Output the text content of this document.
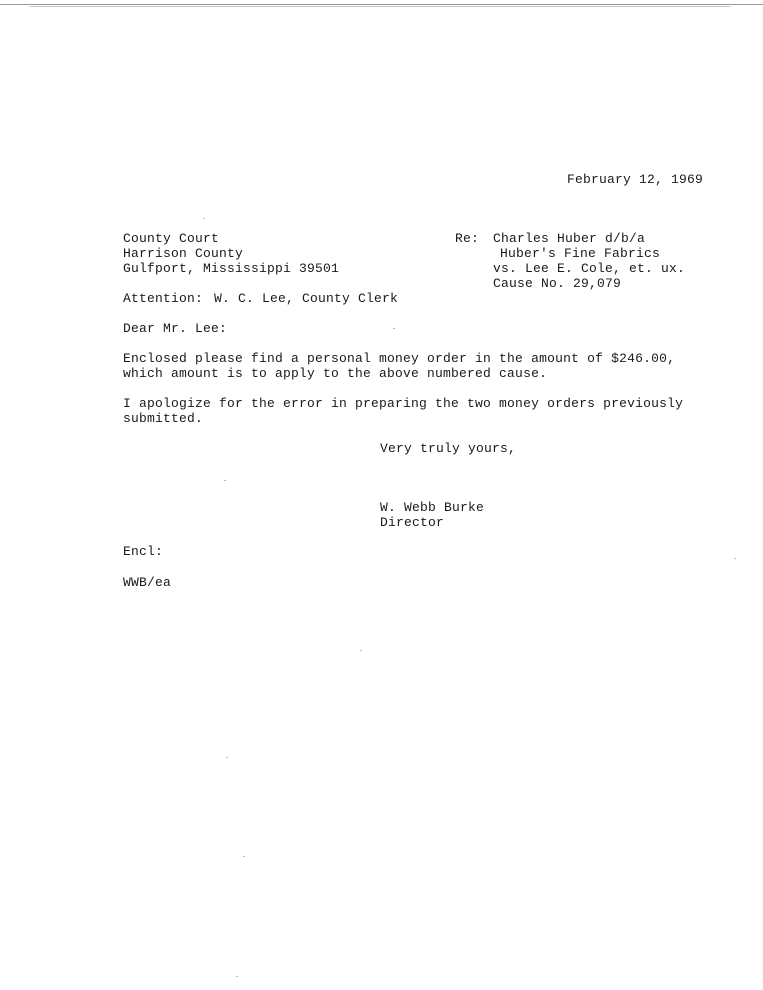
February 12, 1969
County Court
Harrison County
Gulfport, Mississippi 39501
Re: Charles Huber d/b/a
Huber's Fine Fabrics
vs. Lee E. Cole, et. ux.
Cause No. 29,079
Attention: W. C. Lee, County Clerk
Dear Mr. Lee:
Enclosed please find a personal money order in the amount of $246.00,
which amount is to apply to the above numbered cause.
I apologize for the error in preparing the two money orders previously
submitted.
Very truly yours,
W. Webb Burke
Director
Encl:
WWB/ea
